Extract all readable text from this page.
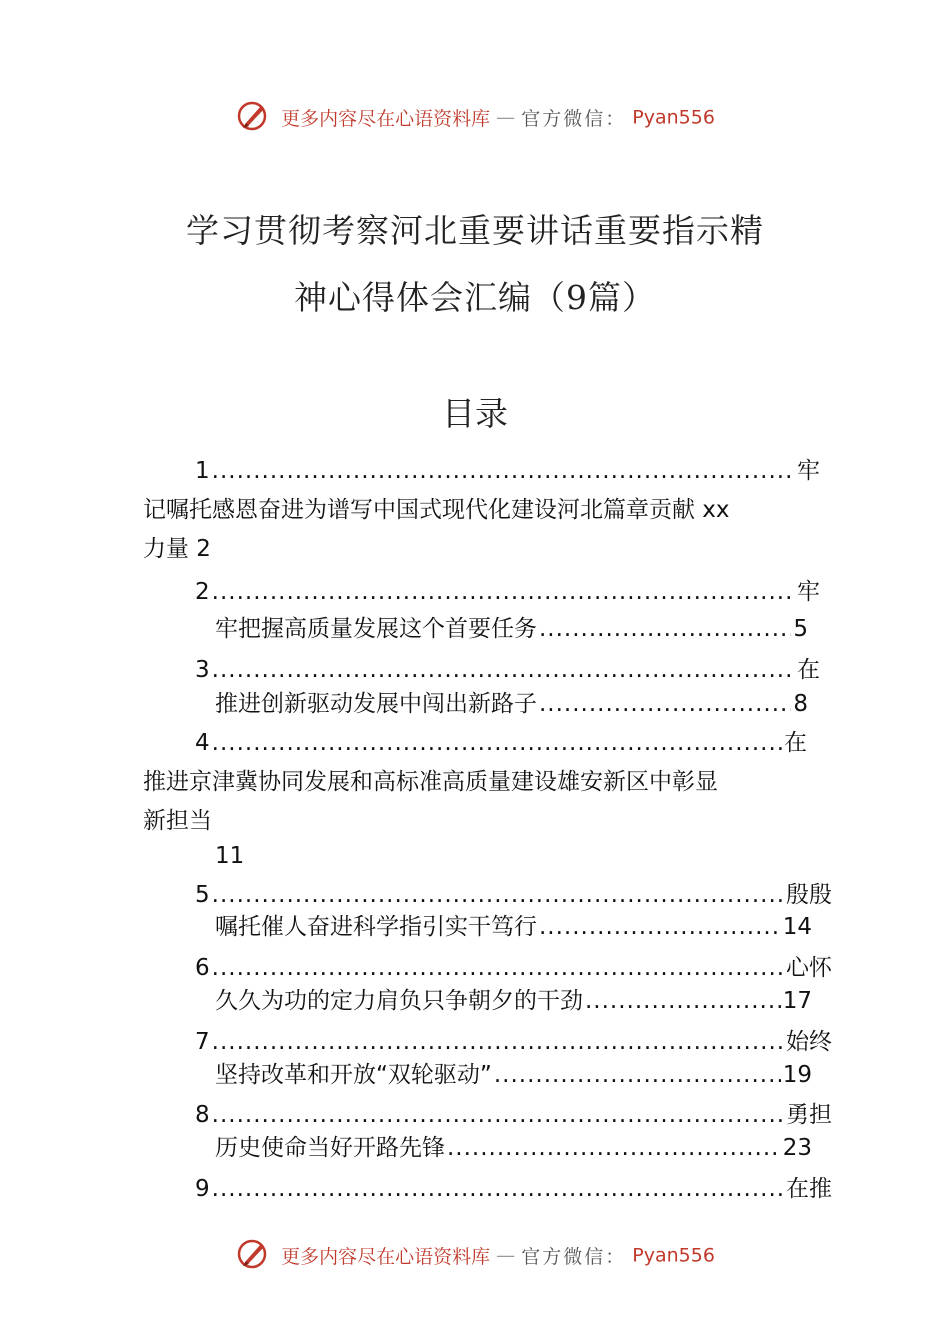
更多内容尽在心语资料库 — 官方微信： Pyan556
学习贯彻考察河北重要讲话重要指示精
神心得体会汇编（9篇）
目录
1 .....	牢
记嘱托感恩奋进为谱写中国式现代化建设河北篇章贡献 xx
力量 2
2 .....	牢
牢把握高质量发展这个首要任务 .....	5
3 .....	在
推进创新驱动发展中闯出新路子 .....	8
4 .....	在
推进京津冀协同发展和高标准高质量建设雄安新区中彰显
新担当
11
5 .....	殷殷
嘱托催人奋进科学指引实干笃行 .....	14
6 .....	心怀
久久为功的定力肩负只争朝夕的干劲 .....	17
7 .....	始终
坚持改革和开放“双轮驱动” .....	19
8 .....	勇担
历史使命当好开路先锋 .....	23
9 .....	在推
更多内容尽在心语资料库 — 官方微信： Pyan556
